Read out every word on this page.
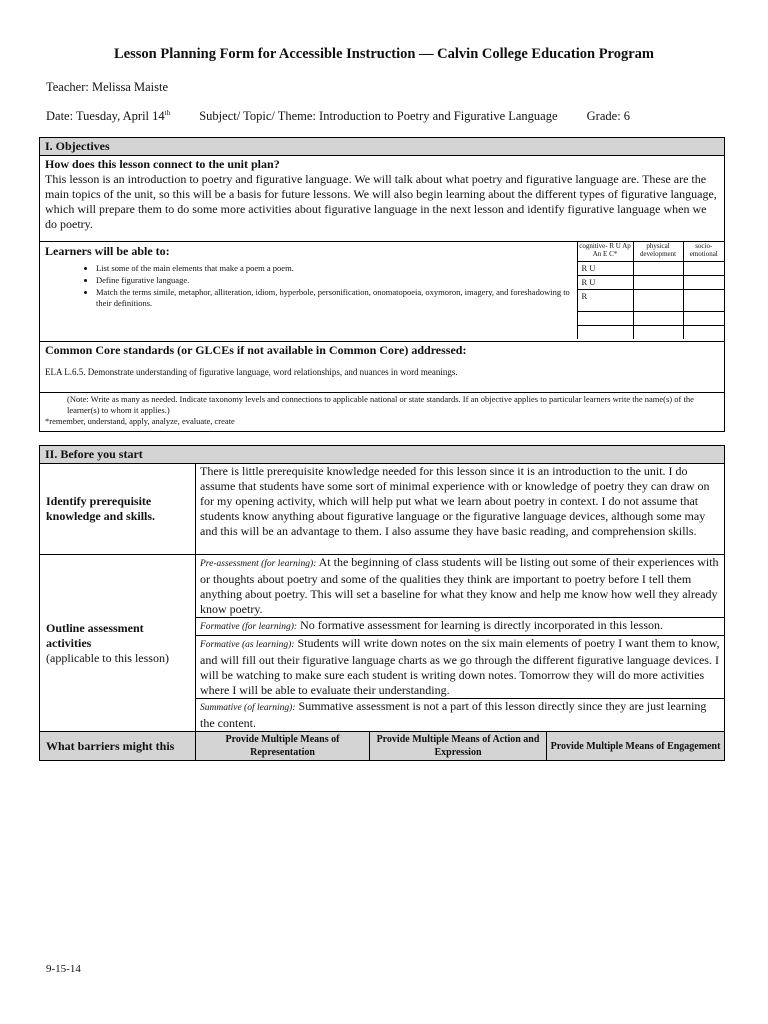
Lesson Planning Form for Accessible Instruction — Calvin College Education Program
Teacher: Melissa Maiste
Date: Tuesday, April 14th Subject/ Topic/ Theme: Introduction to Poetry and Figurative Language Grade: 6
I. Objectives

How does this lesson connect to the unit plan?
This lesson is an introduction to poetry and figurative language. We will talk about what poetry and figurative language are. These are the main topics of the unit, so this will be a basis for future lessons. We will also begin learning about the different types of figurative language, which will prepare them to do some more activities about figurative language in the next lesson and identify figurative language when we do poetry.

Learners will be able to:
• List some of the main elements that make a poem a poem.
• Define figurative language.
• Match the terms simile, metaphor, alliteration, idiom, hyperbole, personification, onomatopoeia, oxymoron, imagery, and foreshadowing to their definitions.
	cognitive- R U Ap An E C*	physical development	socio- emotional
R U		
R U		
R		

Common Core standards (or GLCEs if not available in Common Core) addressed:
ELA L.6.5. Demonstrate understanding of figurative language, word relationships, and nuances in word meanings.

(Note: Write as many as needed. Indicate taxonomy levels and connections to applicable national or state standards. If an objective applies to particular learners write the name(s) of the learner(s) to whom it applies.)
*remember, understand, apply, analyze, evaluate, create
II. Before you start			
Identify prerequisite knowledge and skills.	There is little prerequisite knowledge needed for this lesson since it is an introduction to the unit. I do assume that students have some sort of minimal experience with or knowledge of poetry they can draw on for my opening activity, which will help put what we learn about poetry in context. I do not assume that students know anything about figurative language or the figurative language devices, although some may and this will be an advantage to them. I also assume they have basic reading, and comprehension skills.		

Outline assessment activities
(applicable to this lesson)	Pre-assessment (for learning): At the beginning of class students will be listing out some of their experiences with or thoughts about poetry and some of the qualities they think are important to poetry before I tell them anything about poetry. This will set a baseline for what they know and help me know how well they already know poetry.		
	Formative (for learning): No formative assessment for learning is directly incorporated in this lesson.		
	Formative (as learning): Students will write down notes on the six main elements of poetry I want them to know, and will fill out their figurative language charts as we go through the different figurative language devices. I will be watching to make sure each student is writing down notes. Tomorrow they will do more activities where I will be able to evaluate their understanding.		
	Summative (of learning): Summative assessment is not a part of this lesson directly since they are just learning the content.		
What barriers might this	Provide Multiple Means of Representation	Provide Multiple Means of Action and Expression	Provide Multiple Means of Engagement
9-15-14
